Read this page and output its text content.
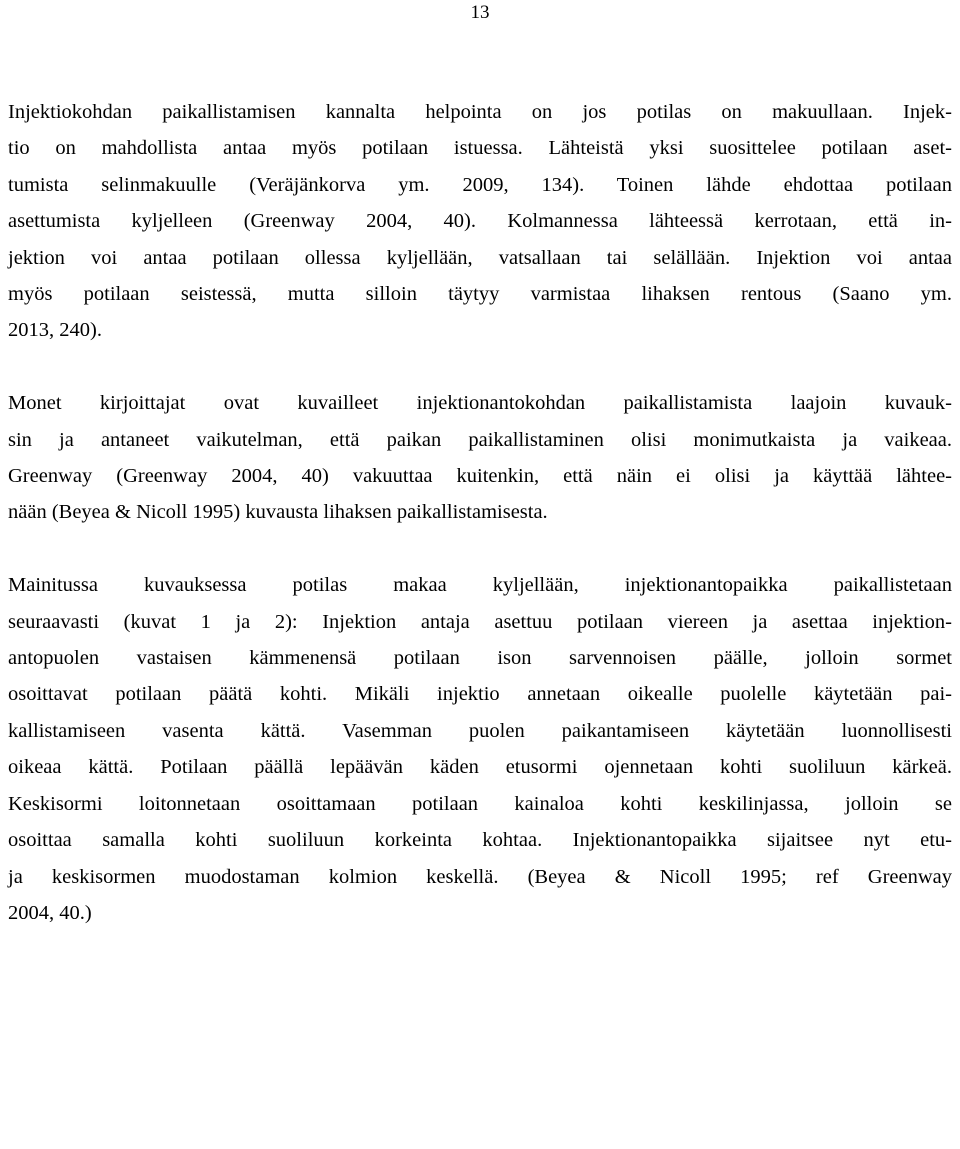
13

Injektiokohdan paikallistamisen kannalta helpointa on jos potilas on makuullaan. Injek-
tio on mahdollista antaa myös potilaan istuessa. Lähteistä yksi suosittelee potilaan aset-
tumista selinmakuulle (Veräjänkorva ym. 2009, 134). Toinen lähde ehdottaa potilaan
asettumista kyljelleen (Greenway 2004, 40). Kolmannessa lähteessä kerrotaan, että in-
jektion voi antaa potilaan ollessa kyljellään, vatsallaan tai selällään. Injektion voi antaa
myös potilaan seistessä, mutta silloin täytyy varmistaa lihaksen rentous (Saano ym.
2013, 240).

Monet kirjoittajat ovat kuvailleet injektionantokohdan paikallistamista laajoin kuvauk-
sin ja antaneet vaikutelman, että paikan paikallistaminen olisi monimutkaista ja vaikeaa.
Greenway (Greenway 2004, 40) vakuuttaa kuitenkin, että näin ei olisi ja käyttää lähtee-
nään (Beyea & Nicoll 1995) kuvausta lihaksen paikallistamisesta.

Mainitussa kuvauksessa potilas makaa kyljellään, injektionantopaikka paikallistetaan
seuraavasti (kuvat 1 ja 2): Injektion antaja asettuu potilaan viereen ja asettaa injektion-
antopuolen vastaisen kämmenensä potilaan ison sarvennoisen päälle, jolloin sormet
osoittavat potilaan päätä kohti. Mikäli injektio annetaan oikealle puolelle käytetään pai-
kallistamiseen vasenta kättä. Vasemman puolen paikantamiseen käytetään luonnollisesti
oikeaa kättä. Potilaan päällä lepäävän käden etusormi ojennetaan kohti suoliluun kärkeä.
Keskisormi loitonnetaan osoittamaan potilaan kainaloa kohti keskilinjassa, jolloin se
osoittaa samalla kohti suoliluun korkeinta kohtaa. Injektionantopaikka sijaitsee nyt etu-
ja keskisormen muodostaman kolmion keskellä. (Beyea & Nicoll 1995; ref Greenway
2004, 40.)
